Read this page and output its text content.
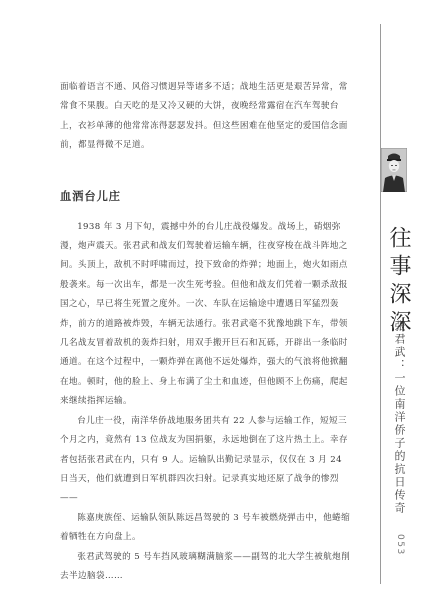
面临着语言不通、风俗习惯迥异等诸多不适；战地生活更是艰苦异常，常常食不果腹。白天吃的是又冷又硬的大饼，夜晚经常露宿在汽车驾驶台上，衣衫单薄的他常常冻得瑟瑟发抖。但这些困难在他坚定的爱国信念面前，都显得微不足道。

血洒台儿庄

1938 年 3 月下旬，震撼中外的台儿庄战役爆发。战场上，硝烟弥漫，炮声震天。张君武和战友们驾驶着运输车辆，往夜穿梭在战斗阵地之间。头顶上，敌机不时呼啸而过，投下致命的炸弹；地面上，炮火如雨点般袭来。每一次出车，都是一次生死考验。但他和战友们凭着一颗杀敌报国之心，早已将生死置之度外。一次、车队在运输途中遭遇日军猛烈轰炸，前方的道路被炸毁，车辆无法通行。张君武毫不犹豫地跳下车，带领几名战友冒着敌机的轰炸扫射，用双手搬开巨石和瓦砾，开辟出一条临时通道。在这个过程中，一颗炸弹在离他不远处爆炸，强大的气浪将他掀翻在地。顿时，他的脸上、身上布满了尘土和血迹，但他顾不上伤痛，爬起来继续指挥运输。

台儿庄一役，南洋华侨战地服务团共有 22 人参与运输工作，短短三个月之内，竟然有 13 位战友为国捐躯，永远地倒在了这片热土上。幸存者包括张君武在内，只有 9 人。运输队出勤记录显示，仅仅在 3 月 24 日当天，他们就遭到日军机群四次扫射。记录真实地还原了战争的惨烈——

陈嘉庚族侄、运输队领队陈远昌驾驶的 3 号车被燃烧弹击中，他蜷缩着牺牲在方向盘上。

张君武驾驶的 5 号车挡风玻璃糊满脑浆——副驾的北大学生被航炮削去半边脑袋……

往事深深
张君武：一位南洋侨子的抗日传奇
053
